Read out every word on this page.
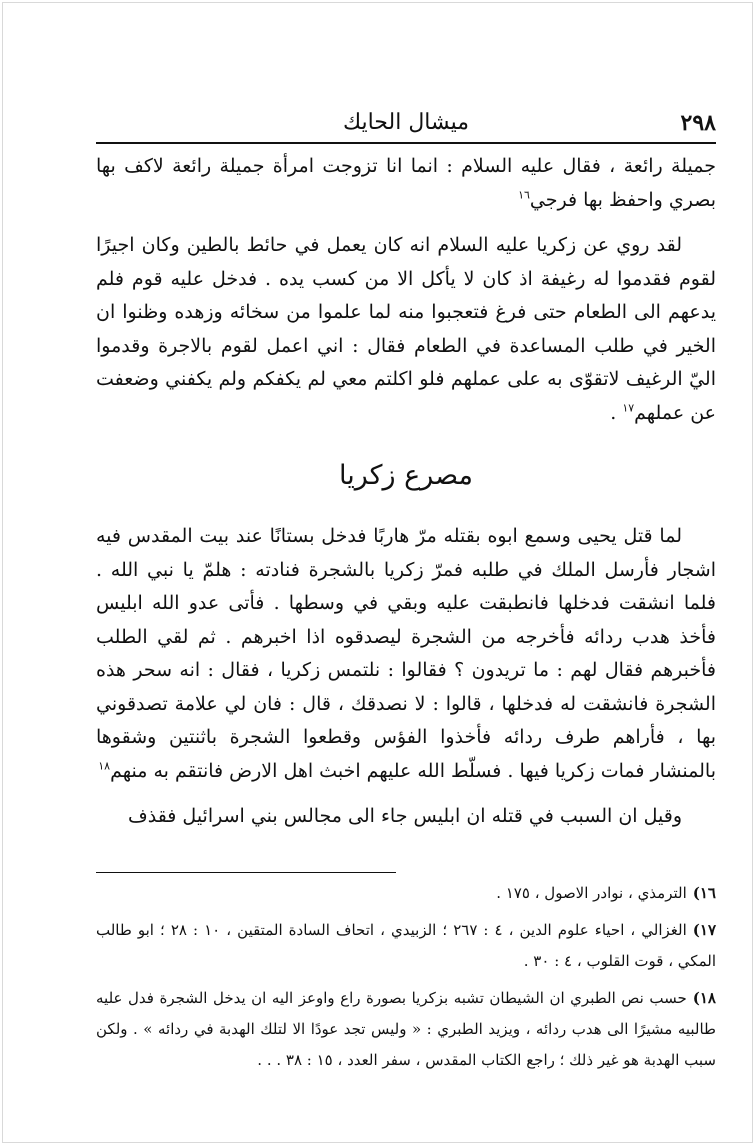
٢٩٨
ميشال الحايك

جميلة رائعة ، فقال عليه السلام : انما انا تزوجت امرأة جميلة رائعة لاكف بها بصري واحفظ بها فرجي$^{١٦}$

لقد روي عن زكريا عليه السلام انه كان يعمل في حائط بالطين وكان اجيرًا لقوم فقدموا له رغيفة اذ كان لا يأكل الا من كسب يده . فدخل عليه قوم فلم يدعهم الى الطعام حتى فرغ فتعجبوا منه لما علموا من سخائه وزهده وظنوا ان الخير في طلب المساعدة في الطعام فقال : اني اعمل لقوم بالاجرة وقدموا اليّ الرغيف لاتقوّى به على عملهم فلو اكلتم معي لم يكفكم ولم يكفني وضعفت عن عملهم$^{١٧}$ .

مصرع زكريا

لما قتل يحيى وسمع ابوه بقتله مرّ هاربًا فدخل بستانًا عند بيت المقدس فيه اشجار فأرسل الملك في طلبه فمرّ زكريا بالشجرة فنادته : هلمّ يا نبي الله . فلما انشقت فدخلها فانطبقت عليه وبقي في وسطها . فأتى عدو الله ابليس فأخذ هدب ردائه فأخرجه من الشجرة ليصدقوه اذا اخبرهم . ثم لقي الطلب فأخبرهم فقال لهم : ما تريدون ؟ فقالوا : نلتمس زكريا ، فقال : انه سحر هذه الشجرة فانشقت له فدخلها ، قالوا : لا نصدقك ، قال : فان لي علامة تصدقوني بها ، فأراهم طرف ردائه فأخذوا الفؤس وقطعوا الشجرة باثنتين وشقوها بالمنشار فمات زكريا فيها . فسلّط الله عليهم اخبث اهل الارض فانتقم به منهم$^{١٨}$

وقيل ان السبب في قتله ان ابليس جاء الى مجالس بني اسرائيل فقذف

١٦)الترمذي ، نوادر الاصول ، ١٧٥ .

١٧)الغزالي ، احياء علوم الدين ، ٤ : ٢٦٧ ؛ الزبيدي ، اتحاف السادة المتقين ، ١٠ : ٢٨ ؛ ابو طالب المكي ، قوت القلوب ، ٤ : ٣٠ .

١٨)حسب نص الطبري ان الشيطان تشبه بزكريا بصورة راع واوعز اليه ان يدخل الشجرة فدل عليه طالبيه مشيرًا الى هدب ردائه ، ويزيد الطبري : « وليس تجد عودًا الا لتلك الهدبة في ردائه » . ولكن سبب الهدبة هو غير ذلك ؛ راجع الكتاب المقدس ، سفر العدد ، ١٥ : ٣٨ . . .
